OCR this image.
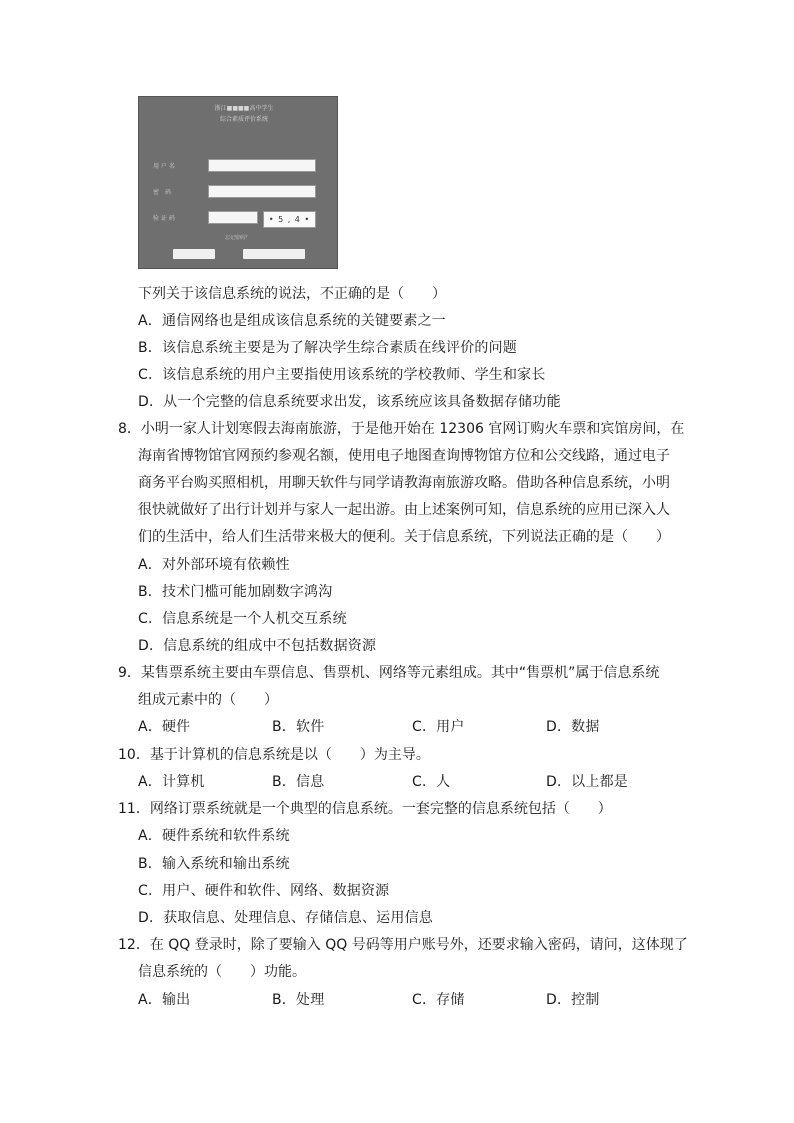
浙江■■■■高中学生
综合素质评价系统
用 户 名
密　码
验 证 码	• 5 , 4 •
忘记密码？
下列关于该信息系统的说法，不正确的是（　　）
A．通信网络也是组成该信息系统的关键要素之一
B．该信息系统主要是为了解决学生综合素质在线评价的问题
C．该信息系统的用户主要指使用该系统的学校教师、学生和家长
D．从一个完整的信息系统要求出发，该系统应该具备数据存储功能
8．小明一家人计划寒假去海南旅游，于是他开始在 12306 官网订购火车票和宾馆房间，在
海南省博物馆官网预约参观名额，使用电子地图查询博物馆方位和公交线路，通过电子
商务平台购买照相机，用聊天软件与同学请教海南旅游攻略。借助各种信息系统，小明
很快就做好了出行计划并与家人一起出游。由上述案例可知，信息系统的应用已深入人
们的生活中，给人们生活带来极大的便利。关于信息系统，下列说法正确的是（　　）
A．对外部环境有依赖性
B．技术门槛可能加剧数字鸿沟
C．信息系统是一个人机交互系统
D．信息系统的组成中不包括数据资源
9．某售票系统主要由车票信息、售票机、网络等元素组成。其中“售票机”属于信息系统
组成元素中的（　　）
A．硬件	B．软件	C．用户	D．数据
10．基于计算机的信息系统是以（　　）为主导。
A．计算机	B．信息	C．人	D．以上都是
11．网络订票系统就是一个典型的信息系统。一套完整的信息系统包括（　　）
A．硬件系统和软件系统
B．输入系统和输出系统
C．用户、硬件和软件、网络、数据资源
D．获取信息、处理信息、存储信息、运用信息
12．在 QQ 登录时，除了要输入 QQ 号码等用户账号外，还要求输入密码，请问，这体现了
信息系统的（　　）功能。
A．输出	B．处理	C．存储	D．控制
